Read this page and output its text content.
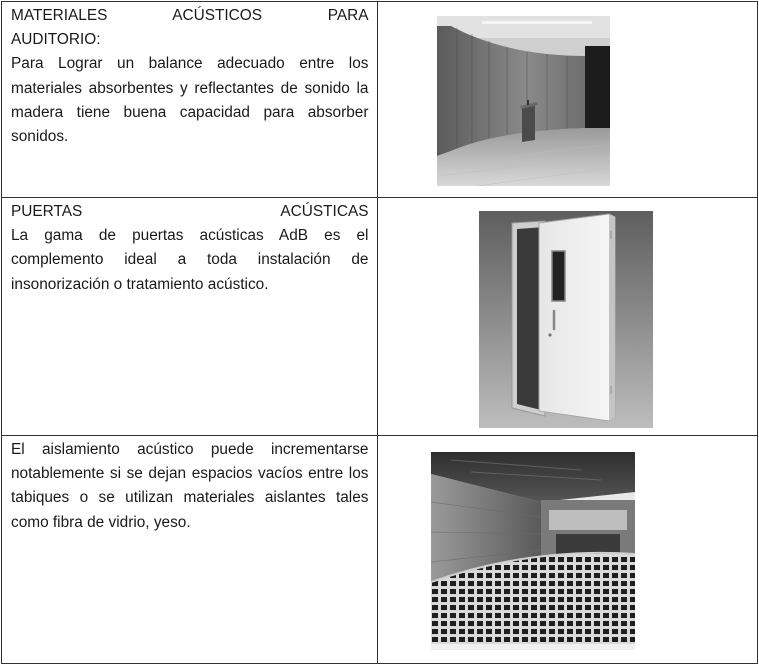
MATERIALES ACÚSTICOS PARA
AUDITORIO:
Para Lograr un balance adecuado entre los materiales absorbentes y reflectantes de sonido la madera tiene buena capacidad para absorber sonidos.

PUERTAS ACÚSTICAS
La gama de puertas acústicas AdB es el complemento ideal a toda instalación de insonorización o tratamiento acústico.

El aislamiento acústico puede incrementarse notablemente si se dejan espacios vacíos entre los tabiques o se utilizan materiales aislantes tales como fibra de vidrio, yeso.
